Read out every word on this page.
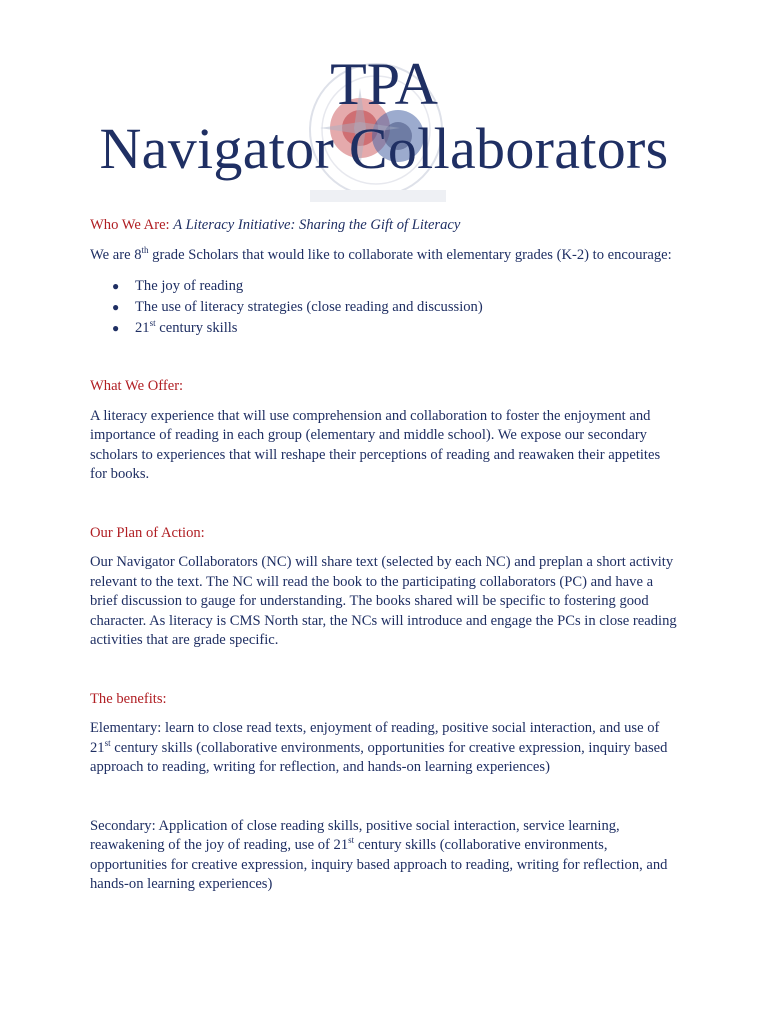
TPA

Navigator Collaborators

Who We Are: A Literacy Initiative: Sharing the Gift of Literacy

We are 8th grade Scholars that would like to collaborate with elementary grades (K-2) to encourage:

● The joy of reading
● The use of literacy strategies (close reading and discussion)
● 21st century skills

What We Offer:

A literacy experience that will use comprehension and collaboration to foster the enjoyment and importance of reading in each group (elementary and middle school). We expose our secondary scholars to experiences that will reshape their perceptions of reading and reawaken their appetites for books.

Our Plan of Action:

Our Navigator Collaborators (NC) will share text (selected by each NC) and preplan a short activity relevant to the text. The NC will read the book to the participating collaborators (PC) and have a brief discussion to gauge for understanding. The books shared will be specific to fostering good character. As literacy is CMS North star, the NCs will introduce and engage the PCs in close reading activities that are grade specific.

The benefits:

Elementary: learn to close read texts, enjoyment of reading, positive social interaction, and use of 21st century skills (collaborative environments, opportunities for creative expression, inquiry based approach to reading, writing for reflection, and hands-on learning experiences)

Secondary: Application of close reading skills, positive social interaction, service learning, reawakening of the joy of reading, use of 21st century skills (collaborative environments, opportunities for creative expression, inquiry based approach to reading, writing for reflection, and hands-on learning experiences)
